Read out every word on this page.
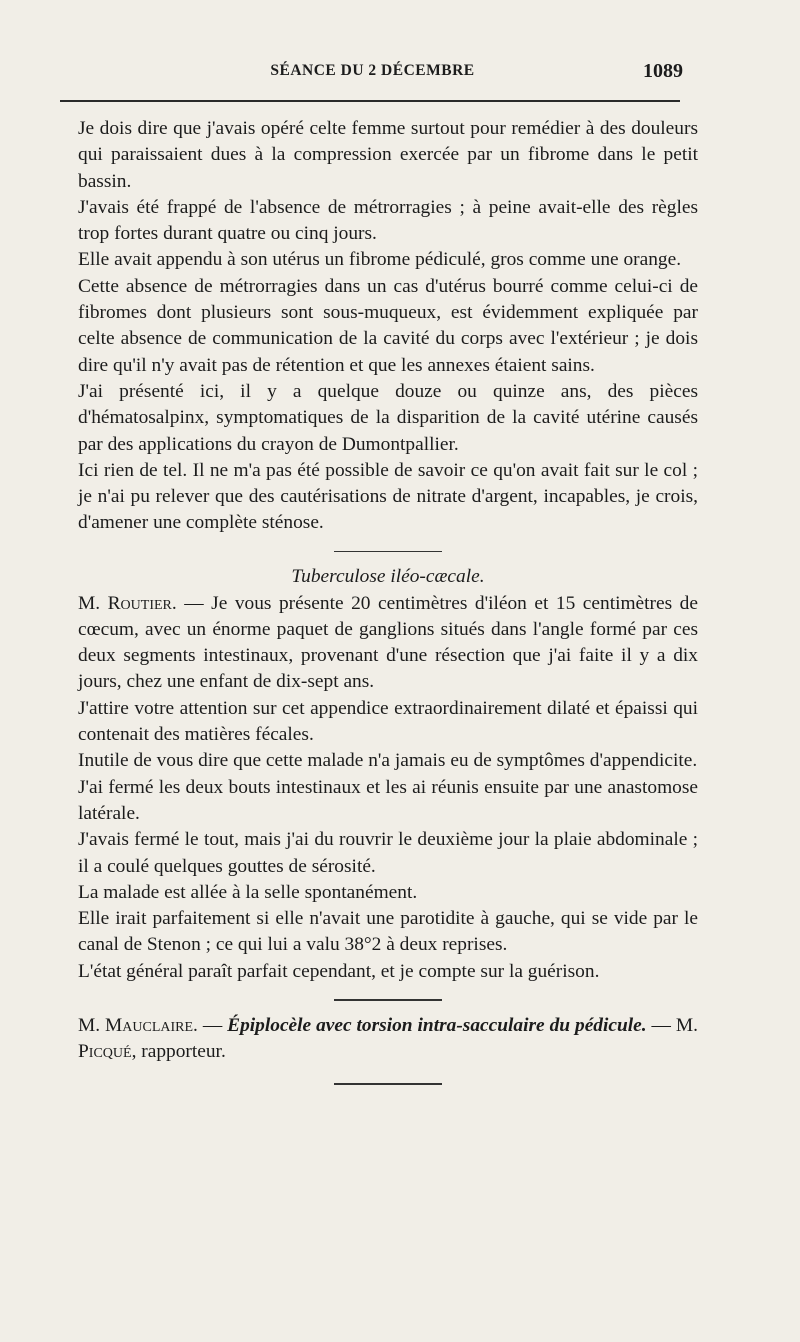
SÉANCE DU 2 DÉCEMBRE	1089

Je dois dire que j'avais opéré celte femme surtout pour remédier à des douleurs qui paraissaient dues à la compression exercée par un fibrome dans le petit bassin.

J'avais été frappé de l'absence de métrorragies ; à peine avait-elle des règles trop fortes durant quatre ou cinq jours.

Elle avait appendu à son utérus un fibrome pédiculé, gros comme une orange.

Cette absence de métrorragies dans un cas d'utérus bourré comme celui-ci de fibromes dont plusieurs sont sous-muqueux, est évidemment expliquée par celte absence de communication de la cavité du corps avec l'extérieur ; je dois dire qu'il n'y avait pas de rétention et que les annexes étaient sains.

J'ai présenté ici, il y a quelque douze ou quinze ans, des pièces d'hématosalpinx, symptomatiques de la disparition de la cavité utérine causés par des applications du crayon de Dumontpallier.

Ici rien de tel. Il ne m'a pas été possible de savoir ce qu'on avait fait sur le col ; je n'ai pu relever que des cautérisations de nitrate d'argent, incapables, je crois, d'amener une complète sténose.

Tuberculose iléo-cæcale.

M. Routier. — Je vous présente 20 centimètres d'iléon et 15 centimètres de cœcum, avec un énorme paquet de ganglions situés dans l'angle formé par ces deux segments intestinaux, provenant d'une résection que j'ai faite il y a dix jours, chez une enfant de dix-sept ans.

J'attire votre attention sur cet appendice extraordinairement dilaté et épaissi qui contenait des matières fécales.

Inutile de vous dire que cette malade n'a jamais eu de symptômes d'appendicite.

J'ai fermé les deux bouts intestinaux et les ai réunis ensuite par une anastomose latérale.

J'avais fermé le tout, mais j'ai du rouvrir le deuxième jour la plaie abdominale ; il a coulé quelques gouttes de sérosité.

La malade est allée à la selle spontanément.

Elle irait parfaitement si elle n'avait une parotidite à gauche, qui se vide par le canal de Stenon ; ce qui lui a valu 38°2 à deux reprises.

L'état général paraît parfait cependant, et je compte sur la guérison.

M. Mauclaire. — Épiplocèle avec torsion intra-sacculaire du pédicule. — M. Picqué, rapporteur.
